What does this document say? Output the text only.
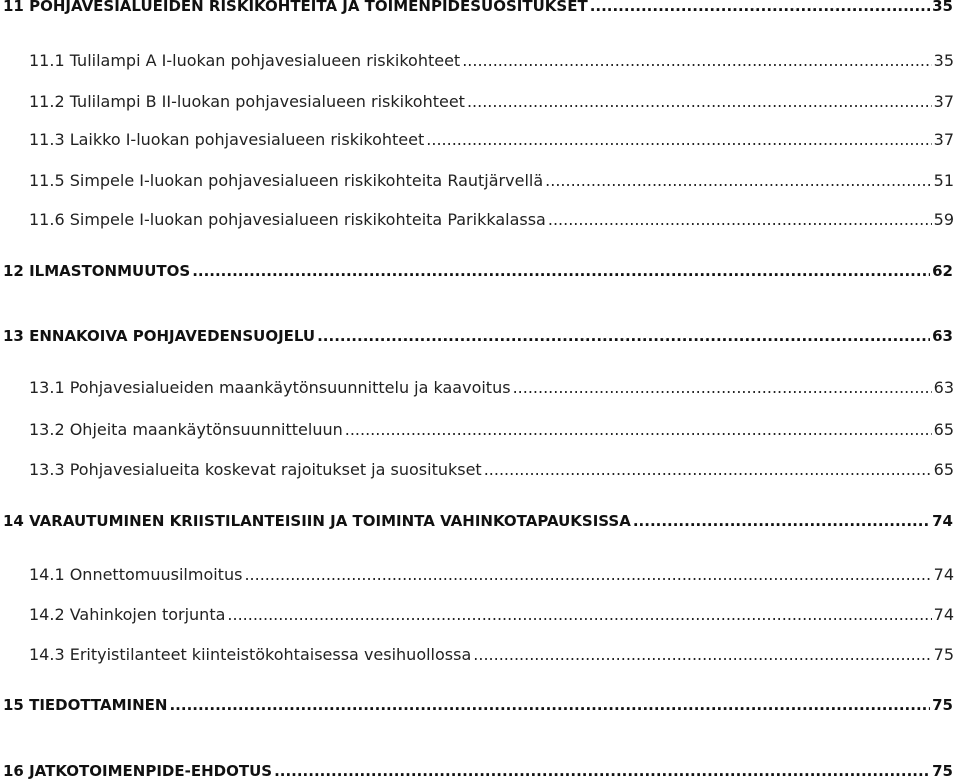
11 POHJAVESIALUEIDEN RISKIKOHTEITA JA TOIMENPIDESUOSITUKSET .....	35
11.1 Tulilampi A I-luokan pohjavesialueen riskikohteet .....	35
11.2 Tulilampi B II-luokan pohjavesialueen riskikohteet .....	37
11.3 Laikko I-luokan pohjavesialueen riskikohteet .....	37
11.5 Simpele I-luokan pohjavesialueen riskikohteita Rautjärvellä .....	51
11.6 Simpele I-luokan pohjavesialueen riskikohteita Parikkalassa .....	59
12 ILMASTONMUUTOS .....	62
13 ENNAKOIVA POHJAVEDENSUOJELU .....	63
13.1 Pohjavesialueiden maankäytönsuunnittelu ja kaavoitus .....	63
13.2 Ohjeita maankäytönsuunnitteluun .....	65
13.3 Pohjavesialueita koskevat rajoitukset ja suositukset .....	65
14 VARAUTUMINEN KRIISTILANTEISIIN JA TOIMINTA VAHINKOTAPAUKSISSA .....	74
14.1 Onnettomuusilmoitus .....	74
14.2 Vahinkojen torjunta .....	74
14.3 Erityistilanteet kiinteistökohtaisessa vesihuollossa .....	75
15 TIEDOTTAMINEN .....	75
16 JATKOTOIMENPIDE-EHDOTUS .....	75
